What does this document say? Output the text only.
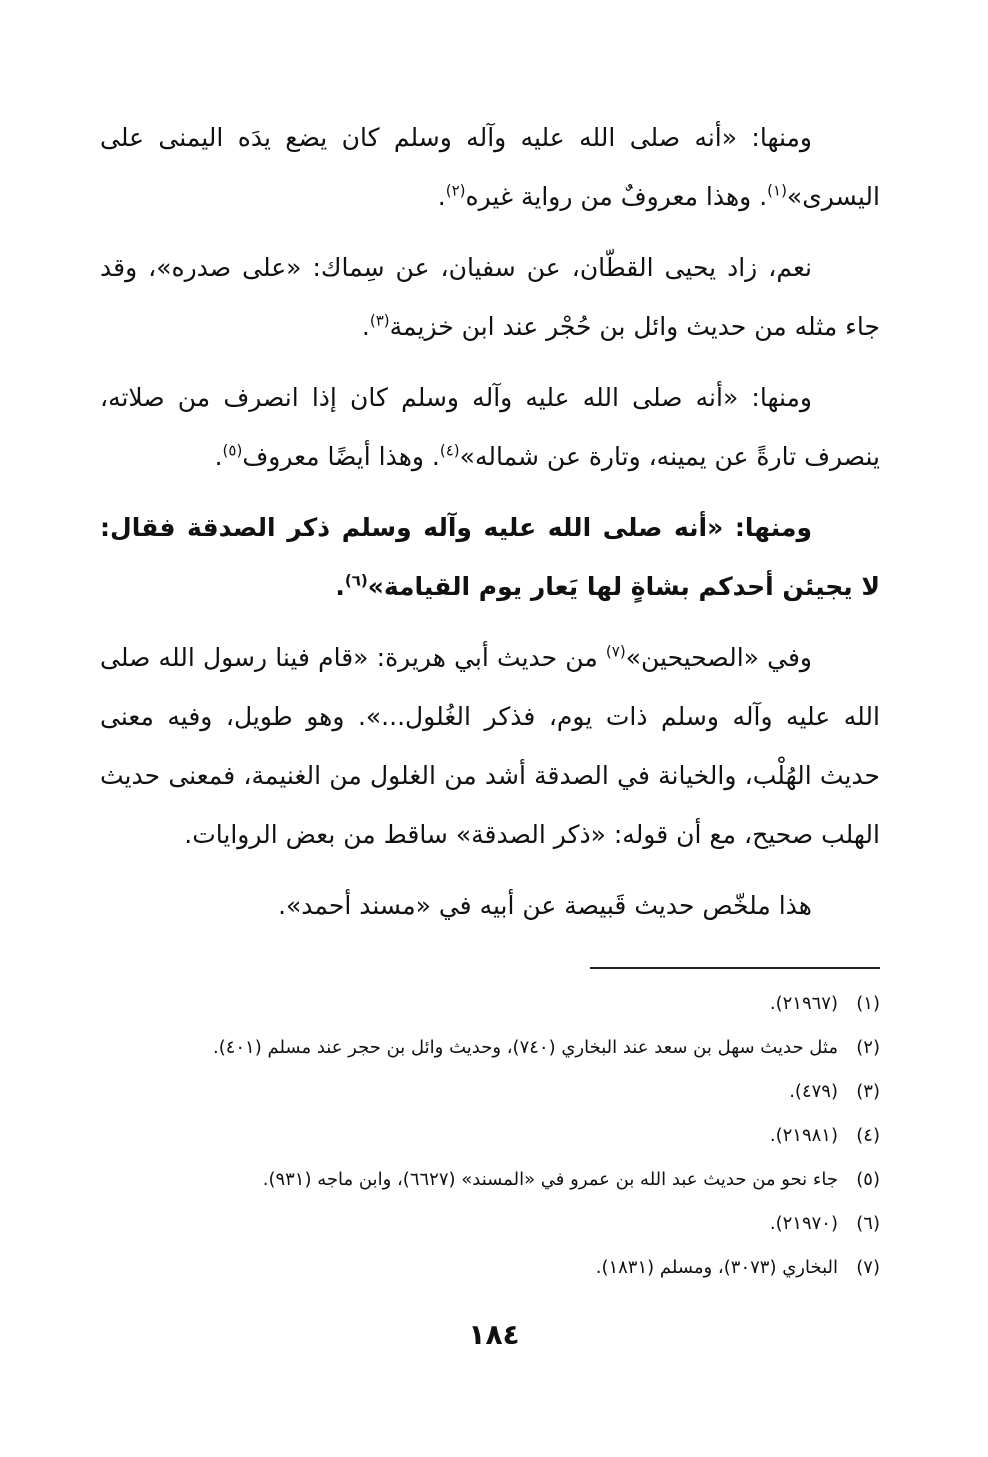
ومنها: «أنه صلى الله عليه وآله وسلم كان يضع يدَه اليمنى على اليسرى»$^{(١)}$. وهذا معروفٌ من رواية غيره$^{(٢)}$.

نعم، زاد يحيى القطّان، عن سفيان، عن سِماك: «على صدره»، وقد جاء مثله من حديث وائل بن حُجْر عند ابن خزيمة$^{(٣)}$.

ومنها: «أنه صلى الله عليه وآله وسلم كان إذا انصرف من صلاته، ينصرف تارةً عن يمينه، وتارة عن شماله»$^{(٤)}$. وهذا أيضًا معروف$^{(٥)}$.

ومنها: «أنه صلى الله عليه وآله وسلم ذكر الصدقة فقال: لا يجيئن أحدكم بشاةٍ لها يَعار يوم القيامة»$^{(٦)}$.

وفي «الصحيحين»$^{(٧)}$ من حديث أبي هريرة: «قام فينا رسول الله صلى الله عليه وآله وسلم ذات يوم، فذكر الغُلول...». وهو طويل، وفيه معنى حديث الهُلْب، والخيانة في الصدقة أشد من الغلول من الغنيمة، فمعنى حديث الهلب صحيح، مع أن قوله: «ذكر الصدقة» ساقط من بعض الروايات.

هذا ملخّص حديث قَبيصة عن أبيه في «مسند أحمد».

(١)
(٢١٩٦٧).
(٢)
مثل حديث سهل بن سعد عند البخاري (٧٤٠)، وحديث وائل بن حجر عند مسلم (٤٠١).
(٣)
(٤٧٩).
(٤)
(٢١٩٨١).
(٥)
جاء نحو من حديث عبد الله بن عمرو في «المسند» (٦٦٢٧)، وابن ماجه (٩٣١).
(٦)
(٢١٩٧٠).
(٧)
البخاري (٣٠٧٣)، ومسلم (١٨٣١).
١٨٤
